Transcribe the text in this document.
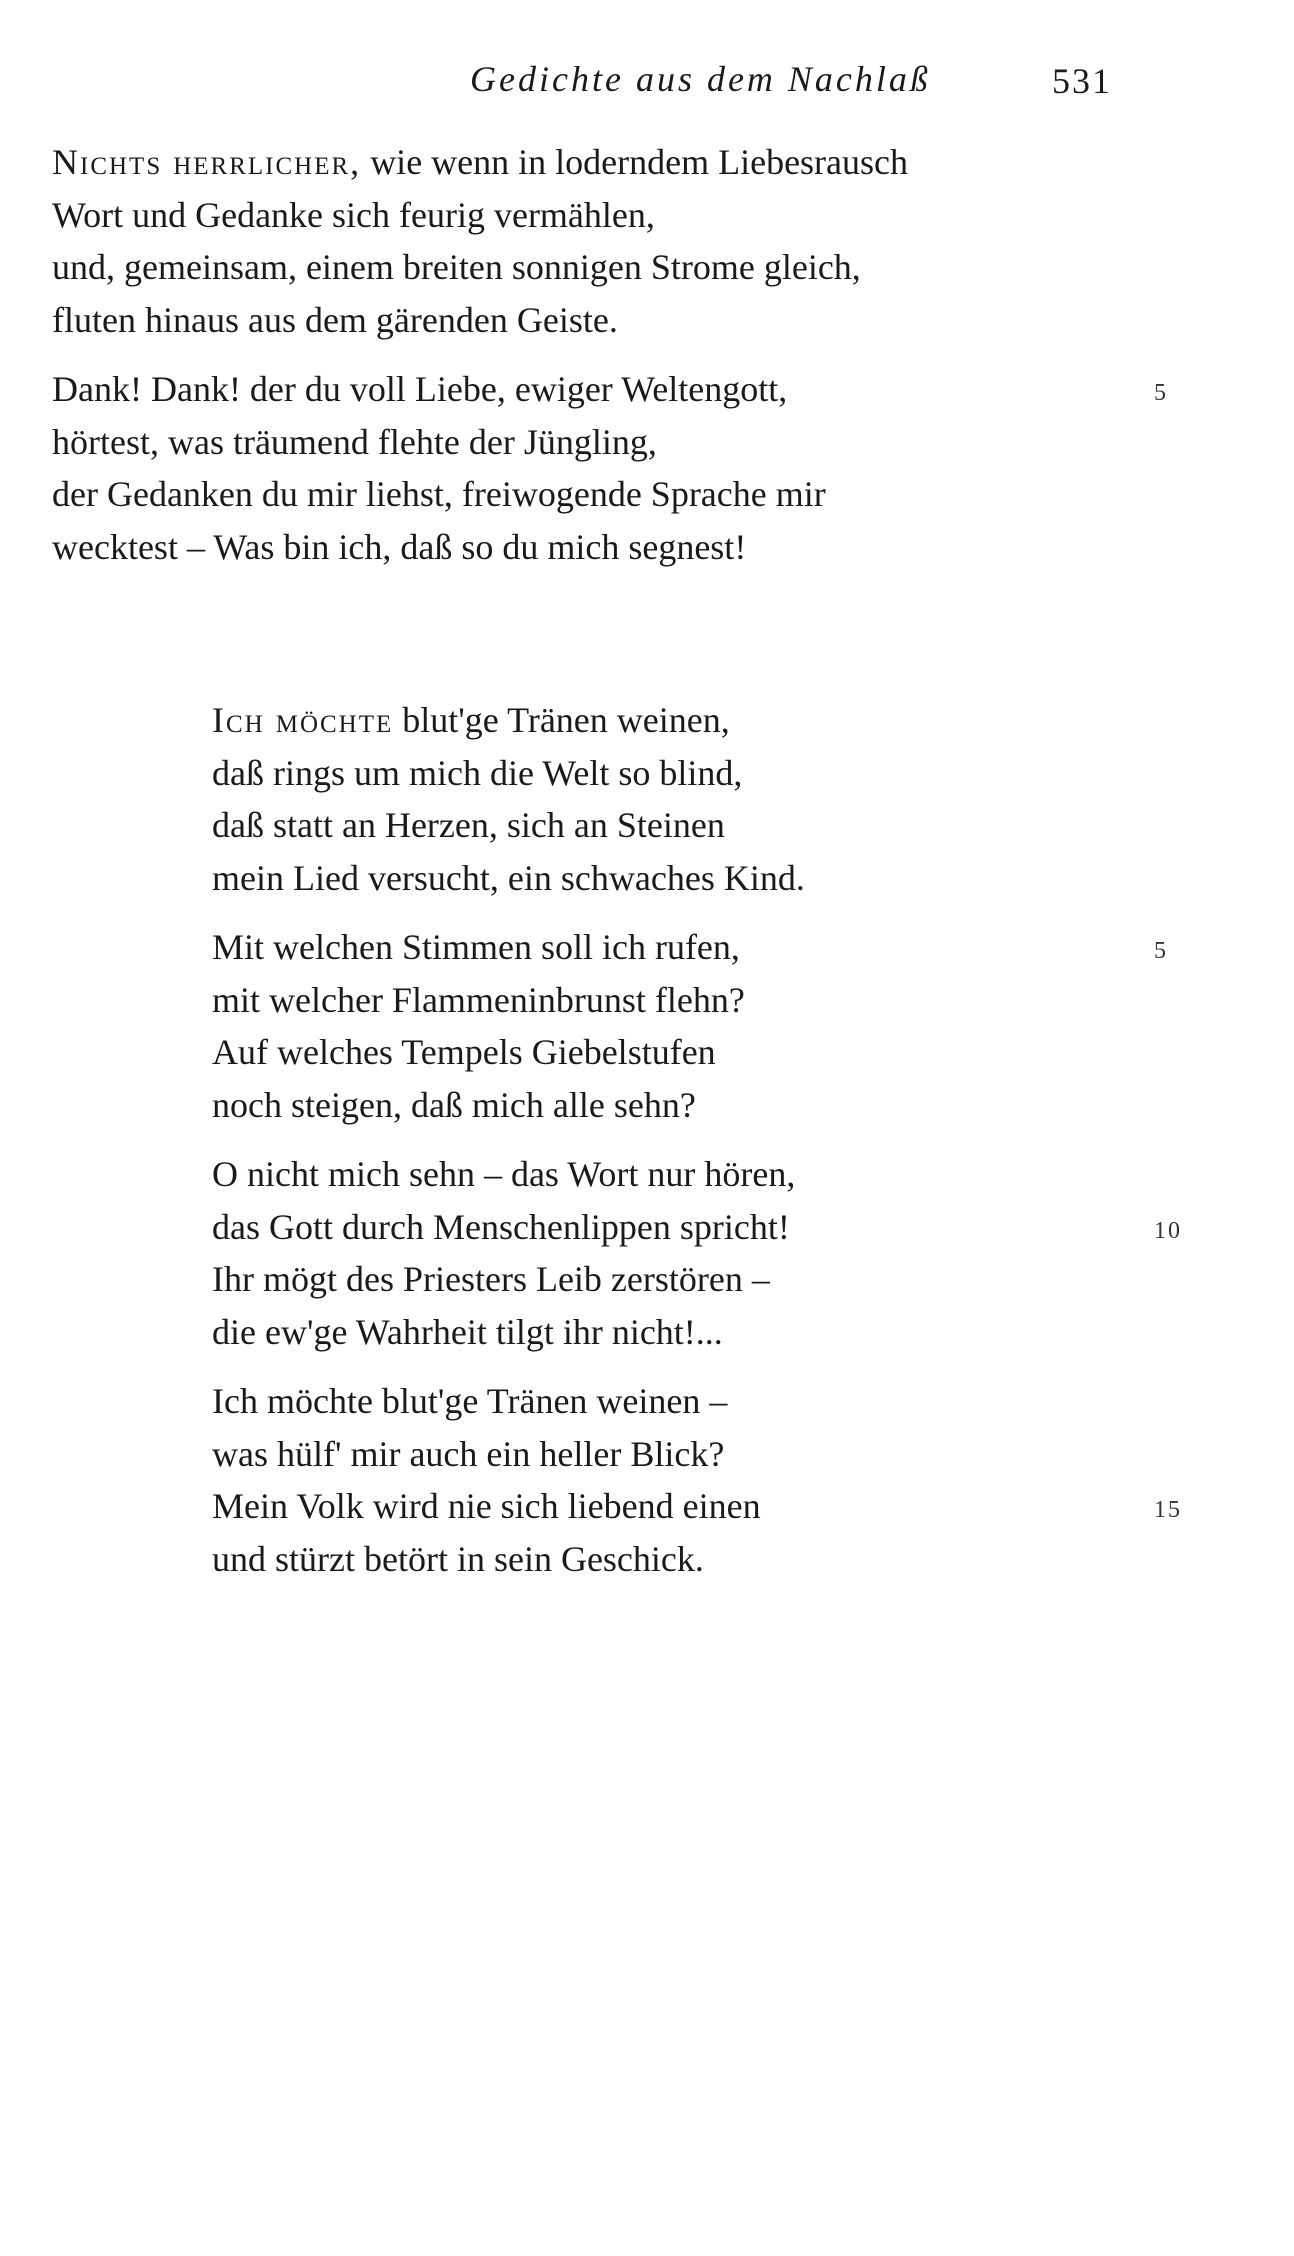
Gedichte aus dem Nachlaß	531
Nichts herrlicher, wie wenn in loderndem Liebesrausch
Wort und Gedanke sich feurig vermählen,
und, gemeinsam, einem breiten sonnigen Strome gleich,
fluten hinaus aus dem gärenden Geiste.
Dank! Dank! der du voll Liebe, ewiger Weltengott,	5
hörtest, was träumend flehte der Jüngling,
der Gedanken du mir liehst, freiwogende Sprache mir
wecktest – Was bin ich, daß so du mich segnest!
Ich möchte blut'ge Tränen weinen,
daß rings um mich die Welt so blind,
daß statt an Herzen, sich an Steinen
mein Lied versucht, ein schwaches Kind.
Mit welchen Stimmen soll ich rufen,	5
mit welcher Flammeninbrunst flehn?
Auf welches Tempels Giebelstufen
noch steigen, daß mich alle sehn?
O nicht mich sehn – das Wort nur hören,
das Gott durch Menschenlippen spricht!	10
Ihr mögt des Priesters Leib zerstören –
die ew'ge Wahrheit tilgt ihr nicht!...
Ich möchte blut'ge Tränen weinen –
was hülf' mir auch ein heller Blick?
Mein Volk wird nie sich liebend einen	15
und stürzt betört in sein Geschick.
